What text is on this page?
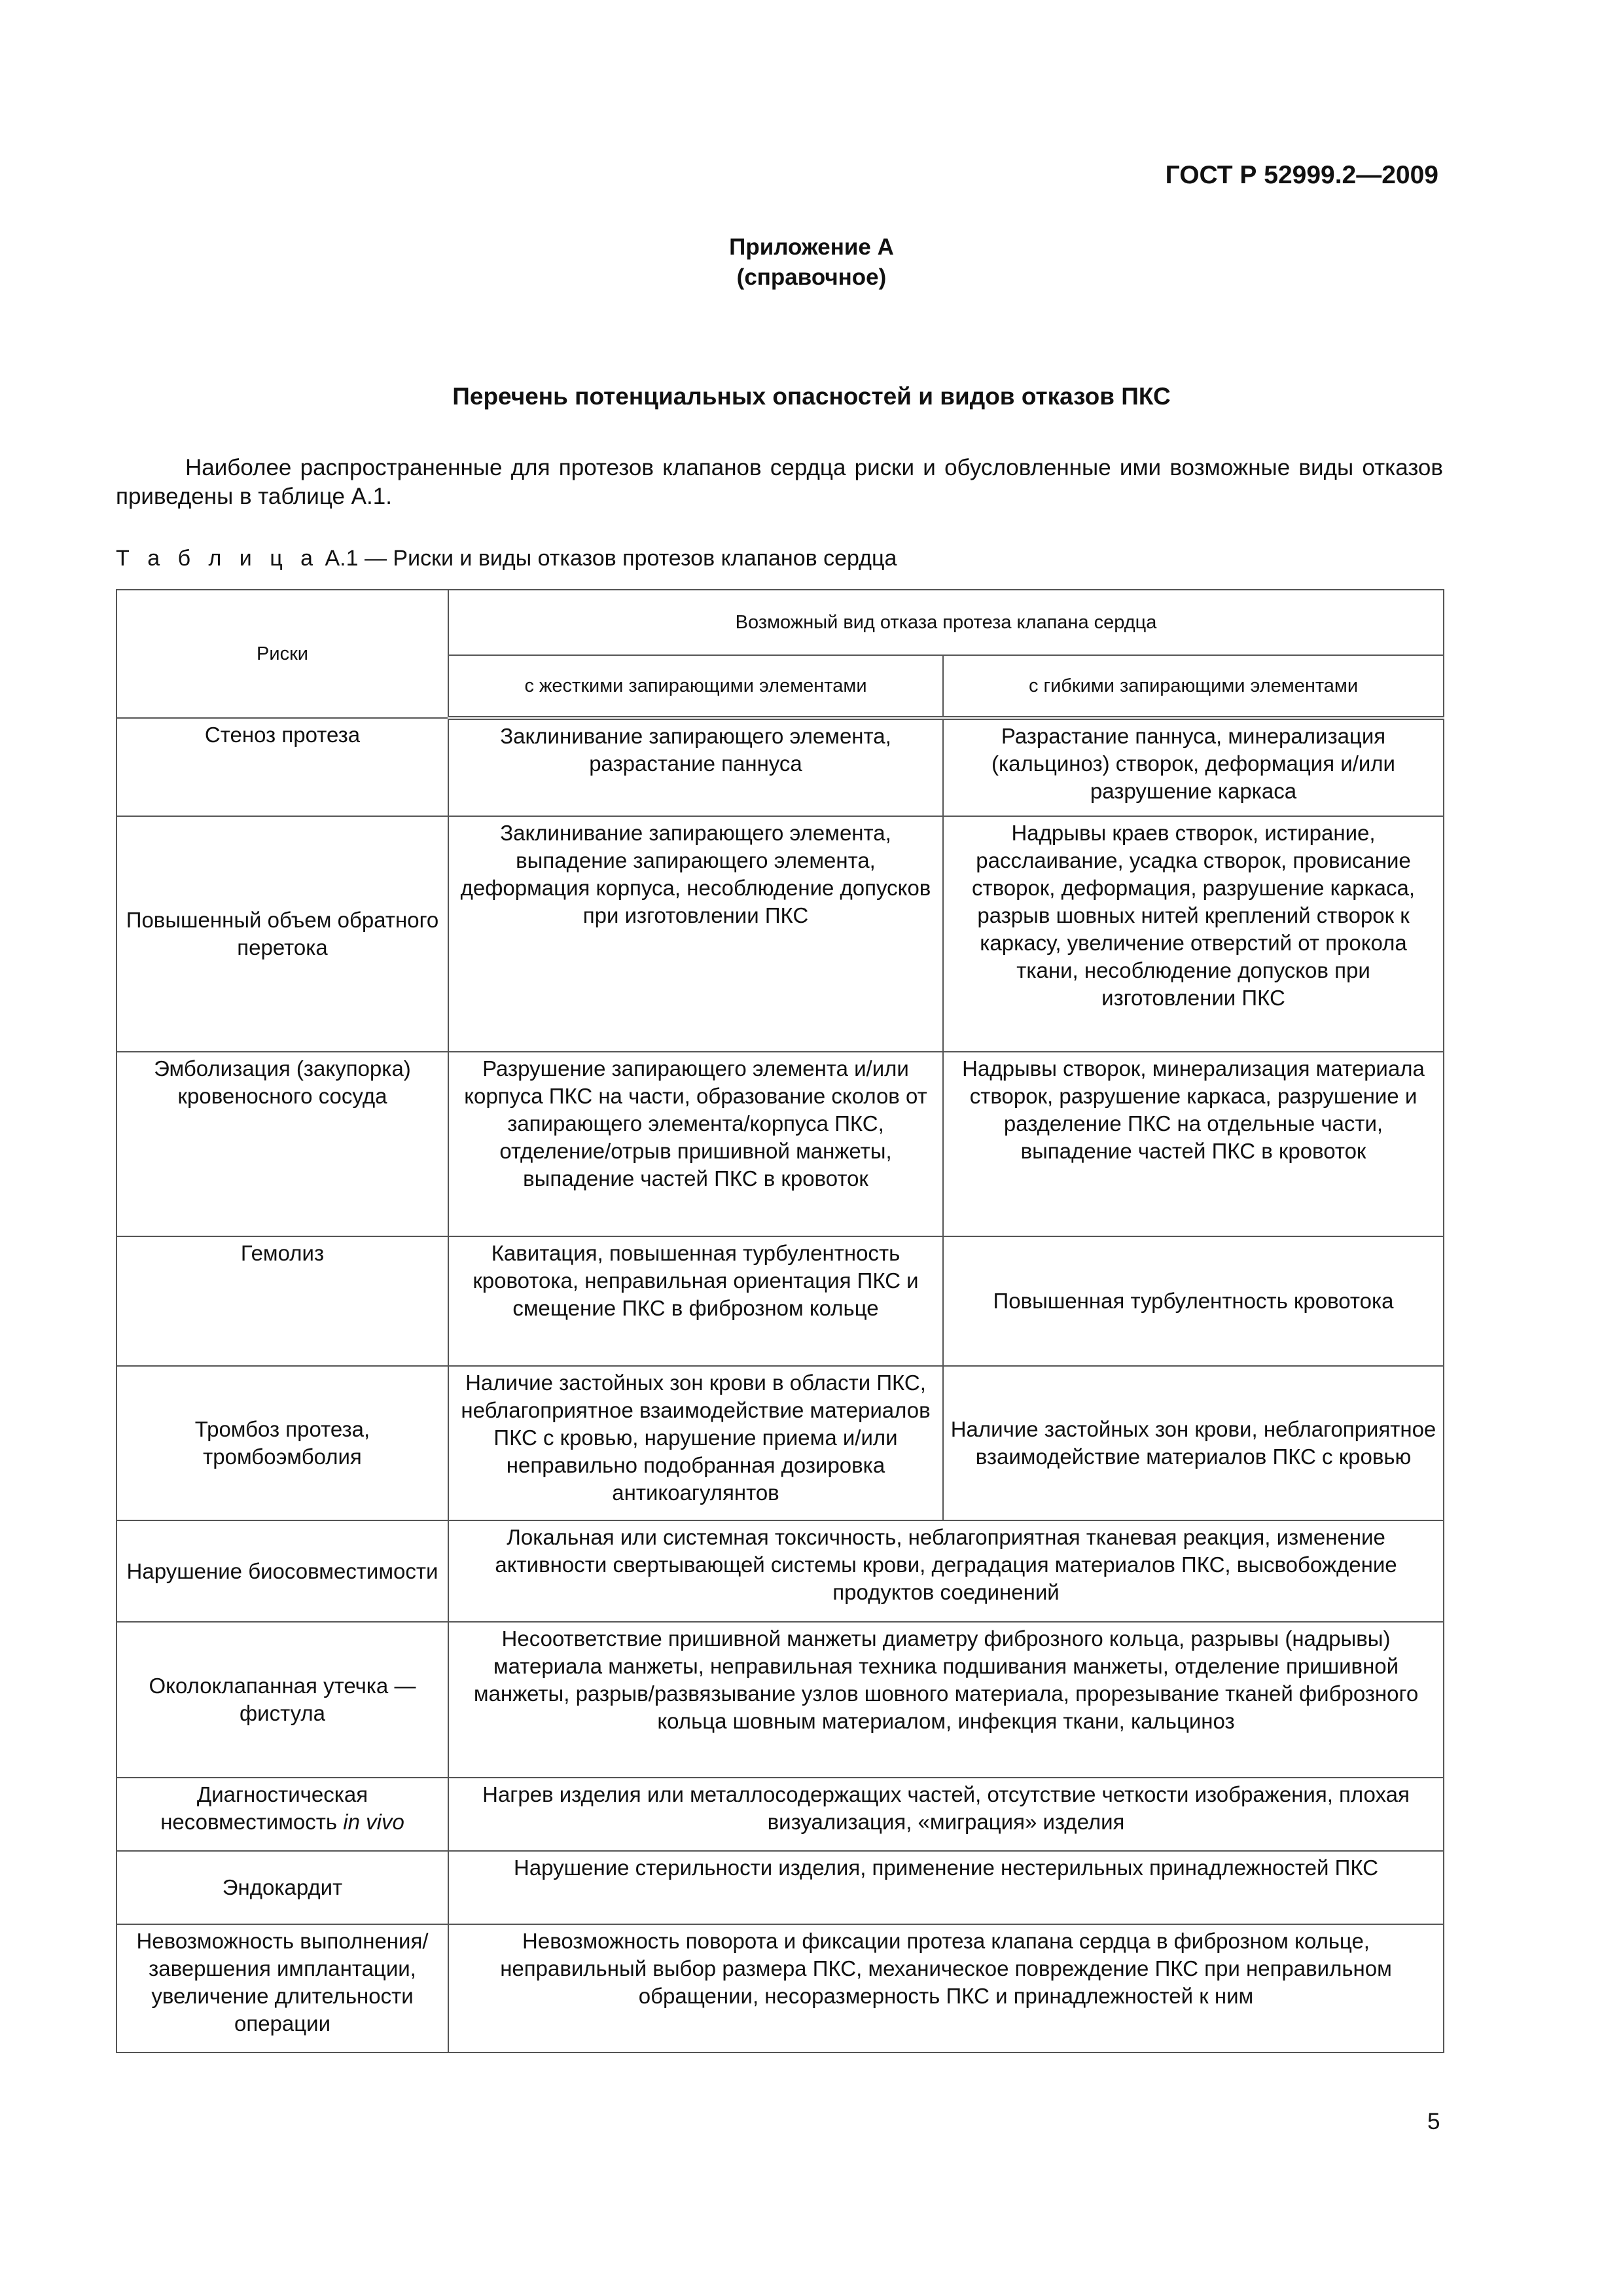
ГОСТ Р 52999.2—2009
Приложение А
(справочное)
Перечень потенциальных опасностей и видов отказов ПКС
Наиболее распространенные для протезов клапанов сердца риски и обусловленные ими возможные виды отказов приведены в таблице А.1.
Т а б л и ц а А.1 — Риски и виды отказов протезов клапанов сердца
Риски	Возможный вид отказа протеза клапана сердца	
	с жесткими запирающими элементами	с гибкими запирающими элементами
Стеноз протеза	Заклинивание запирающего элемента, разрастание паннуса	Разрастание паннуса, минерализация (кальциноз) створок, деформация и/или разрушение каркаса
Повышенный объем обратного перетока	Заклинивание запирающего элемента, выпадение запирающего элемента, деформация корпуса, несоблюдение допусков при изготовлении ПКС	Надрывы краев створок, истирание, расслаивание, усадка створок, провисание створок, деформация, разрушение каркаса, разрыв шовных нитей креплений створок к каркасу, увеличение отверстий от прокола ткани, несоблюдение допусков при изготовлении ПКС
Эмболизация (закупорка) кровеносного сосуда	Разрушение запирающего элемента и/или корпуса ПКС на части, образование сколов от запирающего элемента/корпуса ПКС, отделение/отрыв пришивной манжеты, выпадение частей ПКС в кровоток	Надрывы створок, минерализация материала створок, разрушение каркаса, разрушение и разделение ПКС на отдельные части, выпадение частей ПКС в кровоток
Гемолиз	Кавитация, повышенная турбулентность кровотока, неправильная ориентация ПКС и смещение ПКС в фиброзном кольце	Повышенная турбулентность кровотока
Тромбоз протеза, тромбоэмболия	Наличие застойных зон крови в области ПКС, неблагоприятное взаимодействие материалов ПКС с кровью, нарушение приема и/или неправильно подобранная дозировка антикоагулянтов	Наличие застойных зон крови, неблагоприятное взаимодействие материалов ПКС с кровью
Нарушение биосовместимости	Локальная или системная токсичность, неблагоприятная тканевая реакция, изменение активности свертывающей системы крови, деградация материалов ПКС, высвобождение продуктов соединений	
Околоклапанная утечка — фистула	Несоответствие пришивной манжеты диаметру фиброзного кольца, разрывы (надрывы) материала манжеты, неправильная техника подшивания манжеты, отделение пришивной манжеты, разрыв/развязывание узлов шовного материала, прорезывание тканей фиброзного кольца шовным материалом, инфекция ткани, кальциноз	
Диагностическая несовместимость in vivo	Нагрев изделия или металлосодержащих частей, отсутствие четкости изображения, плохая визуализация, «миграция» изделия	
Эндокардит	Нарушение стерильности изделия, применение нестерильных принадлежностей ПКС	
Невозможность выполнения/завершения имплантации, увеличение длительности операции	Невозможность поворота и фиксации протеза клапана сердца в фиброзном кольце, неправильный выбор размера ПКС, механическое повреждение ПКС при неправильном обращении, несоразмерность ПКС и принадлежностей к ним	
5
